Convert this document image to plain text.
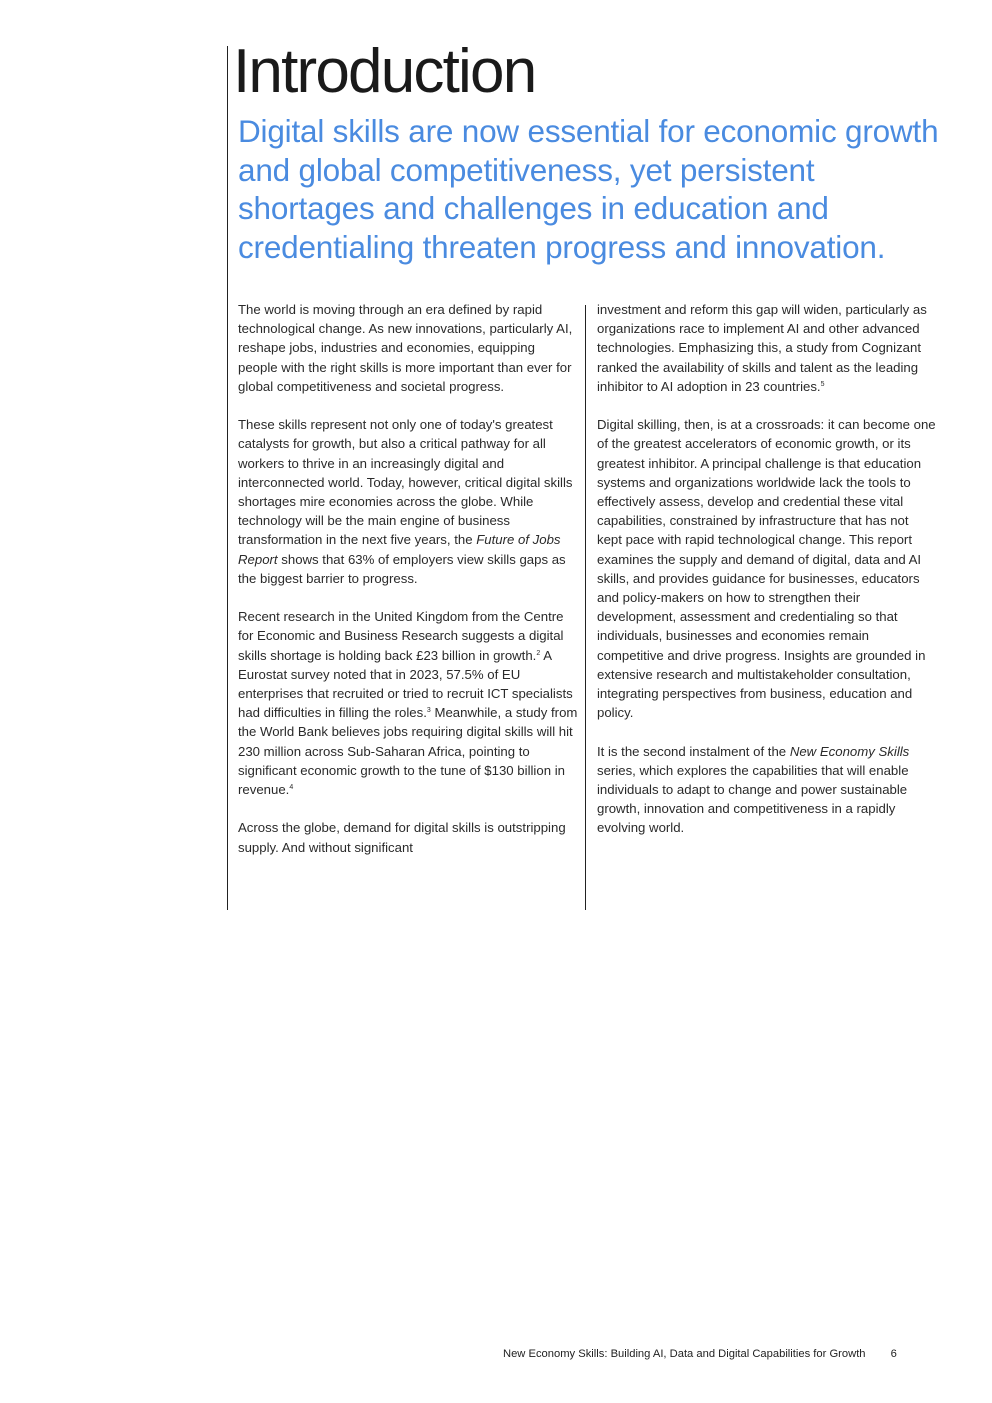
Introduction
Digital skills are now essential for economic growth and global competitiveness, yet persistent shortages and challenges in education and credentialing threaten progress and innovation.

The world is moving through an era defined by rapid technological change. As new innovations, particularly AI, reshape jobs, industries and economies, equipping people with the right skills is more important than ever for global competitiveness and societal progress.

These skills represent not only one of today's greatest catalysts for growth, but also a critical pathway for all workers to thrive in an increasingly digital and interconnected world. Today, however, critical digital skills shortages mire economies across the globe. While technology will be the main engine of business transformation in the next five years, the Future of Jobs Report shows that 63% of employers view skills gaps as the biggest barrier to progress.

Recent research in the United Kingdom from the Centre for Economic and Business Research suggests a digital skills shortage is holding back £23 billion in growth.$^2$ A Eurostat survey noted that in 2023, 57.5% of EU enterprises that recruited or tried to recruit ICT specialists had difficulties in filling the roles.$^3$ Meanwhile, a study from the World Bank believes jobs requiring digital skills will hit 230 million across Sub-Saharan Africa, pointing to significant economic growth to the tune of $130 billion in revenue.$^4$

Across the globe, demand for digital skills is outstripping supply. And without significant

investment and reform this gap will widen, particularly as organizations race to implement AI and other advanced technologies. Emphasizing this, a study from Cognizant ranked the availability of skills and talent as the leading inhibitor to AI adoption in 23 countries.$^5$

Digital skilling, then, is at a crossroads: it can become one of the greatest accelerators of economic growth, or its greatest inhibitor. A principal challenge is that education systems and organizations worldwide lack the tools to effectively assess, develop and credential these vital capabilities, constrained by infrastructure that has not kept pace with rapid technological change. This report examines the supply and demand of digital, data and AI skills, and provides guidance for businesses, educators and policy-makers on how to strengthen their development, assessment and credentialing so that individuals, businesses and economies remain competitive and drive progress. Insights are grounded in extensive research and multistakeholder consultation, integrating perspectives from business, education and policy.

It is the second instalment of the New Economy Skills series, which explores the capabilities that will enable individuals to adapt to change and power sustainable growth, innovation and competitiveness in a rapidly evolving world.

New Economy Skills: Building AI, Data and Digital Capabilities for Growth 6
